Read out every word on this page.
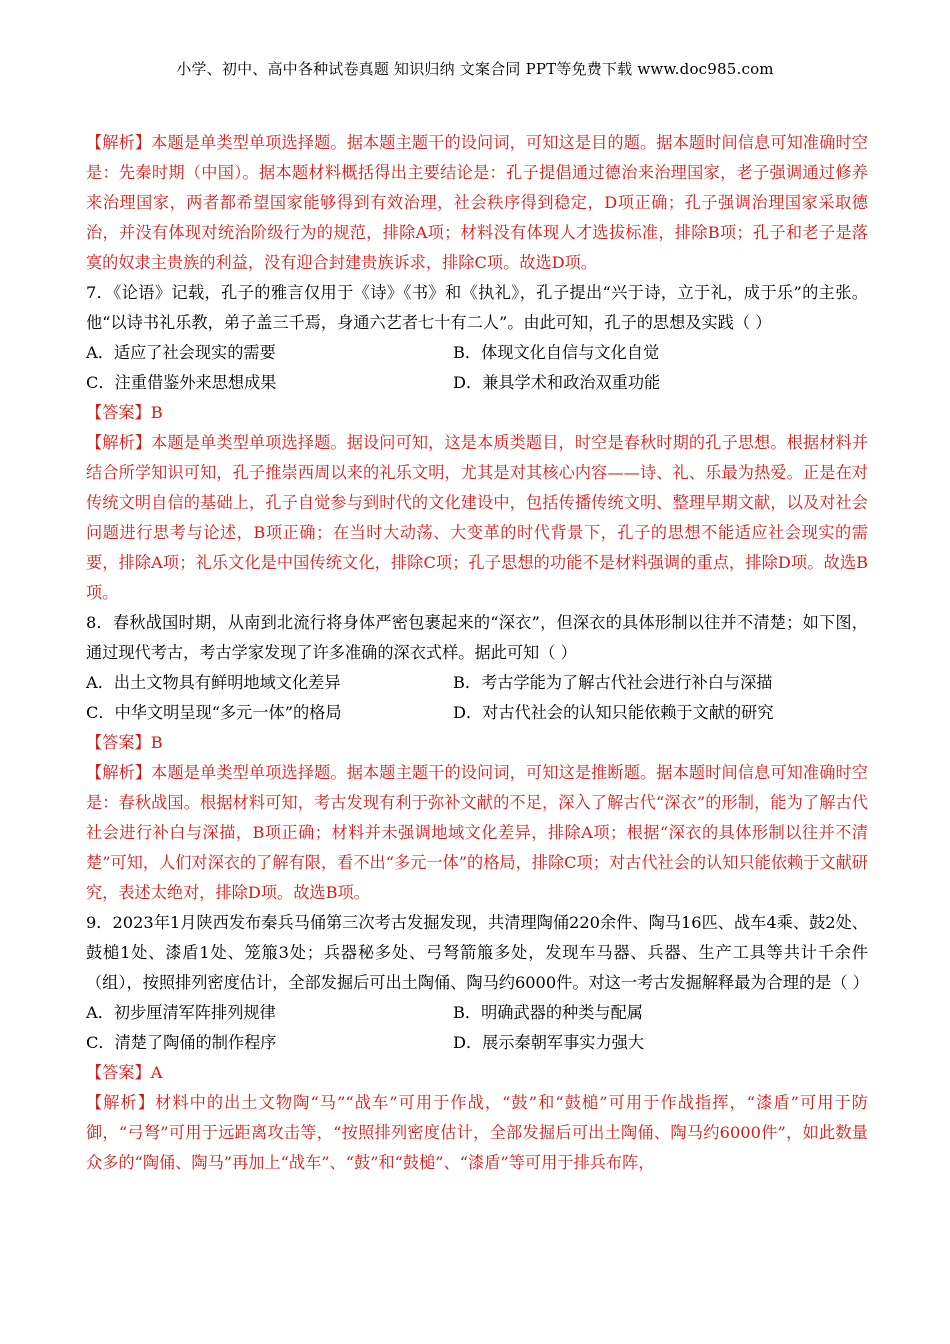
小学、初中、高中各种试卷真题 知识归纳 文案合同 PPT等免费下载 www.doc985.com

【解析】本题是单类型单项选择题。据本题主题干的设问词，可知这是目的题。据本题时间信息可知准确时空是：先秦时期（中国）。据本题材料概括得出主要结论是：孔子提倡通过德治来治理国家，老子强调通过修养来治理国家，两者都希望国家能够得到有效治理，社会秩序得到稳定，D项正确；孔子强调治理国家采取德治，并没有体现对统治阶级行为的规范，排除A项；材料没有体现人才选拔标准，排除B项；孔子和老子是落寞的奴隶主贵族的利益，没有迎合封建贵族诉求，排除C项。故选D项。

7．《论语》记载，孔子的雅言仅用于《诗》《书》和《执礼》，孔子提出“兴于诗，立于礼，成于乐”的主张。他“以诗书礼乐教，弟子盖三千焉，身通六艺者七十有二人”。由此可知，孔子的思想及实践（ ）

A．适应了社会现实的需要	B．体现文化自信与文化自觉

C．注重借鉴外来思想成果	D．兼具学术和政治双重功能

【答案】B

【解析】本题是单类型单项选择题。据设问可知，这是本质类题目，时空是春秋时期的孔子思想。根据材料并结合所学知识可知，孔子推崇西周以来的礼乐文明，尤其是对其核心内容——诗、礼、乐最为热爱。正是在对传统文明自信的基础上，孔子自觉参与到时代的文化建设中，包括传播传统文明、整理早期文献，以及对社会问题进行思考与论述，B项正确；在当时大动荡、大变革的时代背景下，孔子的思想不能适应社会现实的需要，排除A项；礼乐文化是中国传统文化，排除C项；孔子思想的功能不是材料强调的重点，排除D项。故选B项。

8．春秋战国时期，从南到北流行将身体严密包裹起来的“深衣”，但深衣的具体形制以往并不清楚；如下图，通过现代考古，考古学家发现了许多准确的深衣式样。据此可知（ ）

A．出土文物具有鲜明地域文化差异	B．考古学能为了解古代社会进行补白与深描

C．中华文明呈现“多元一体”的格局	D．对古代社会的认知只能依赖于文献的研究

【答案】B

【解析】本题是单类型单项选择题。据本题主题干的设问词，可知这是推断题。据本题时间信息可知准确时空是：春秋战国。根据材料可知，考古发现有利于弥补文献的不足，深入了解古代“深衣”的形制，能为了解古代社会进行补白与深描，B项正确；材料并未强调地域文化差异，排除A项；根据“深衣的具体形制以往并不清楚”可知，人们对深衣的了解有限，看不出“多元一体”的格局，排除C项；对古代社会的认知只能依赖于文献研究，表述太绝对，排除D项。故选B项。

9．2023年1月陕西发布秦兵马俑第三次考古发掘发现，共清理陶俑220余件、陶马16匹、战车4乘、鼓2处、鼓槌1处、漆盾1处、笼箙3处；兵器秘多处、弓弩箭箙多处，发现车马器、兵器、生产工具等共计千余件（组），按照排列密度估计，全部发掘后可出土陶俑、陶马约6000件。对这一考古发掘解释最为合理的是（ ）

A．初步厘清军阵排列规律	B．明确武器的种类与配属

C．清楚了陶俑的制作程序	D．展示秦朝军事实力强大

【答案】A

【解析】材料中的出土文物陶“马”“战车”可用于作战，“鼓”和“鼓槌”可用于作战指挥，“漆盾”可用于防御，“弓弩”可用于远距离攻击等，“按照排列密度估计，全部发掘后可出土陶俑、陶马约6000件”，如此数量众多的“陶俑、陶马”再加上“战车”、“鼓”和“鼓槌”、“漆盾”等可用于排兵布阵，
